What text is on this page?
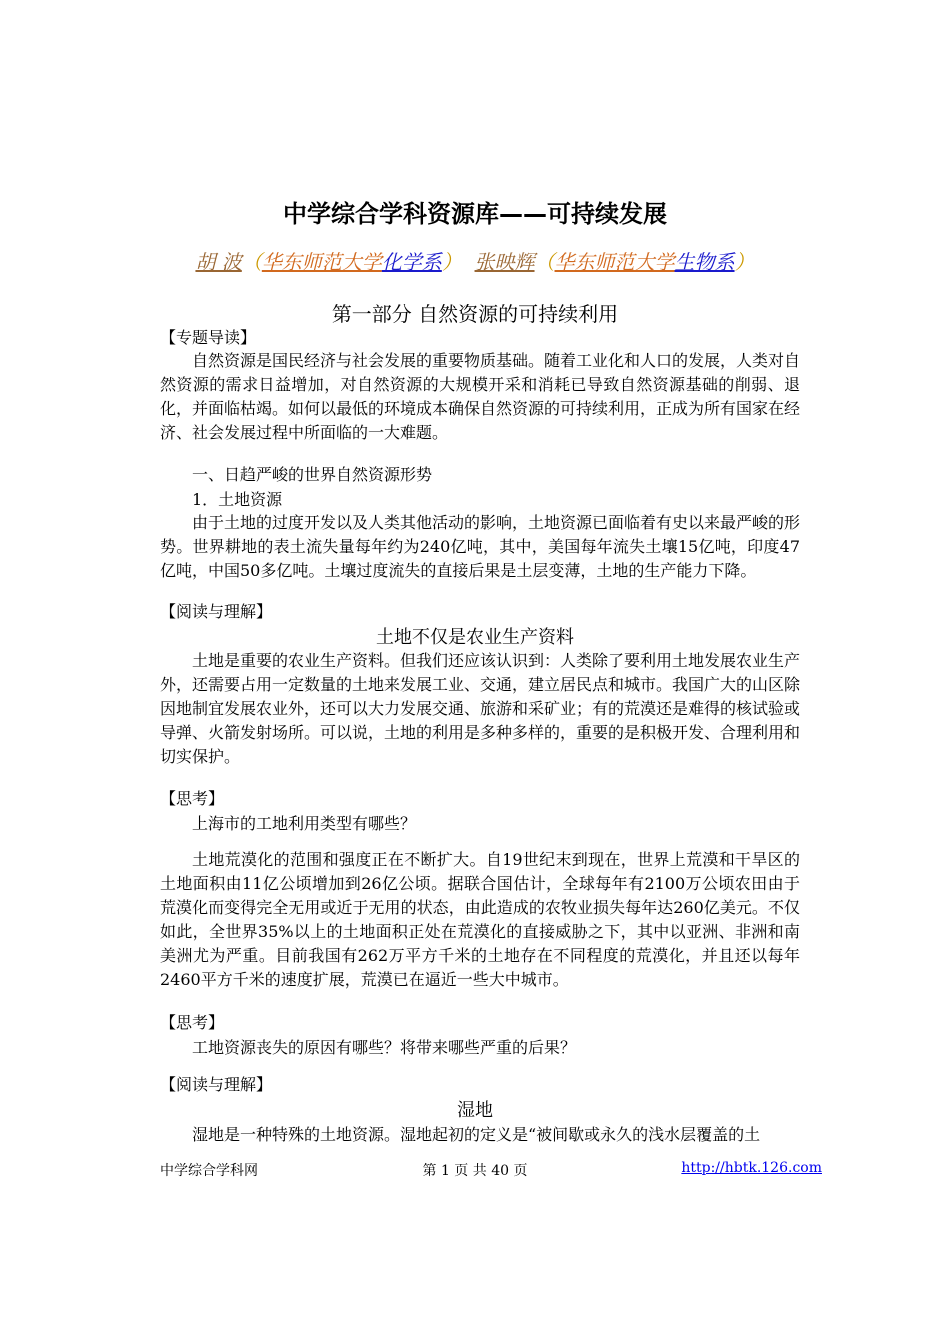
中学综合学科资源库——可持续发展
胡 波（华东师范大学化学系） 张映辉（华东师范大学生物系）
第一部分 自然资源的可持续利用
【专题导读】

自然资源是国民经济与社会发展的重要物质基础。随着工业化和人口的发展，人类对自然资源的需求日益增加，对自然资源的大规模开采和消耗已导致自然资源基础的削弱、退化，并面临枯竭。如何以最低的环境成本确保自然资源的可持续利用，正成为所有国家在经济、社会发展过程中所面临的一大难题。

一、日趋严峻的世界自然资源形势
1．土地资源

由于土地的过度开发以及人类其他活动的影响，土地资源已面临着有史以来最严峻的形势。世界耕地的表土流失量每年约为240亿吨，其中，美国每年流失土壤15亿吨，印度47亿吨，中国50多亿吨。土壤过度流失的直接后果是土层变薄，土地的生产能力下降。

【阅读与理解】
土地不仅是农业生产资料

土地是重要的农业生产资料。但我们还应该认识到：人类除了要利用土地发展农业生产外，还需要占用一定数量的土地来发展工业、交通，建立居民点和城市。我国广大的山区除因地制宜发展农业外，还可以大力发展交通、旅游和采矿业；有的荒漠还是难得的核试验或导弹、火箭发射场所。可以说，土地的利用是多种多样的，重要的是积极开发、合理利用和切实保护。

【思考】
上海市的工地利用类型有哪些？

土地荒漠化的范围和强度正在不断扩大。自19世纪末到现在，世界上荒漠和干旱区的土地面积由11亿公顷增加到26亿公顷。据联合国估计，全球每年有2100万公顷农田由于荒漠化而变得完全无用或近于无用的状态，由此造成的农牧业损失每年达260亿美元。不仅如此，全世界35%以上的土地面积正处在荒漠化的直接威胁之下，其中以亚洲、非洲和南美洲尤为严重。目前我国有262万平方千米的土地存在不同程度的荒漠化，并且还以每年2460平方千米的速度扩展，荒漠已在逼近一些大中城市。

【思考】
工地资源丧失的原因有哪些？将带来哪些严重的后果？
【阅读与理解】
湿地
湿地是一种特殊的土地资源。湿地起初的定义是“被间歇或永久的浅水层覆盖的土
中学综合学科网	第 1 页 共 40 页	http://hbtk.126.com
